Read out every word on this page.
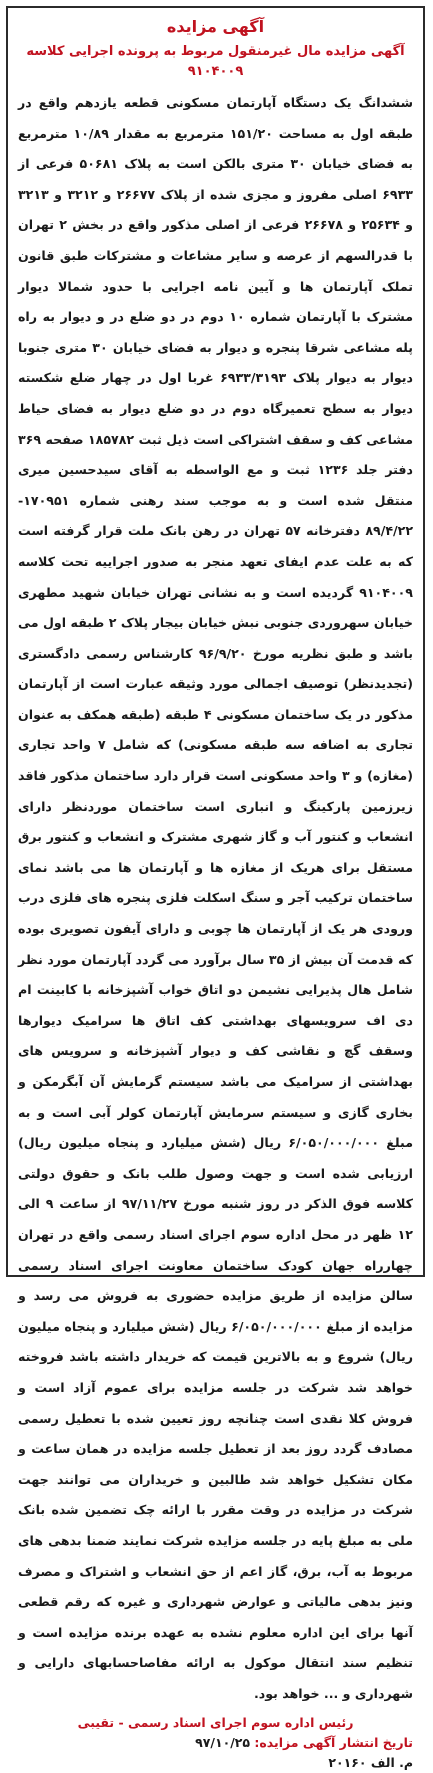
آگهی مزایده
آگهی مزایده مال غیرمنقول مربوط به پرونده اجرایی کلاسه ۹۱۰۴۰۰۹
ششدانگ یک دستگاه آپارتمان مسکونی قطعه یازدهم واقع در طبقه اول به مساحت ۱۵۱/۲۰ مترمربع به مقدار ۱۰/۸۹ مترمربع به فضای خیابان ۳۰ متری بالکن است به پلاک ۵۰۶۸۱ فرعی از ۶۹۳۳ اصلی مفروز و مجزی شده از پلاک ۲۶۶۷۷ و ۳۲۱۲ و ۳۲۱۳ و ۲۵۶۳۴ و ۲۶۶۷۸ فرعی از اصلی مذکور واقع در بخش ۲ تهران با قدرالسهم از عرصه و سایر مشاعات و مشترکات طبق قانون تملک آپارتمان ها و آیین نامه اجرایی با حدود شمالا دیوار مشترک با آپارتمان شماره ۱۰ دوم در دو ضلع در و دیوار به راه پله مشاعی شرقا پنجره و دیوار به فضای خیابان ۳۰ متری جنوبا دیوار به دیوار پلاک ۶۹۳۳/۳۱۹۳ غربا اول در چهار ضلع شکسته دیوار به سطح تعمیرگاه دوم در دو ضلع دیوار به فضای حیاط مشاعی کف و سقف اشتراکی است ذیل ثبت ۱۸۵۷۸۲ صفحه ۳۶۹ دفتر جلد ۱۲۳۶ ثبت و مع الواسطه به آقای سیدحسین میری منتقل شده است و به موجب سند رهنی شماره ۱۷۰۹۵۱- ۸۹/۴/۲۲ دفترخانه ۵۷ تهران در رهن بانک ملت قرار گرفته است که به علت عدم ایفای تعهد منجر به صدور اجراییه تحت کلاسه ۹۱۰۴۰۰۹ گردیده است و به نشانی تهران خیابان شهید مطهری خیابان سهروردی جنوبی نبش خیابان بیجار پلاک ۲ طبقه اول می باشد و طبق نظریه مورخ ۹۶/۹/۲۰ کارشناس رسمی دادگستری (تجدیدنظر) توصیف اجمالی مورد وثیقه عبارت است از آپارتمان مذکور در یک ساختمان مسکونی ۴ طبقه (طبقه همکف به عنوان تجاری به اضافه سه طبقه مسکونی) که شامل ۷ واحد تجاری (مغازه) و ۳ واحد مسکونی است قرار دارد ساختمان مذکور فاقد زیرزمین پارکینگ و انباری است ساختمان موردنظر دارای انشعاب و کنتور آب و گاز شهری مشترک و انشعاب و کنتور برق مستقل برای هریک از مغازه ها و آپارتمان ها می باشد نمای ساختمان ترکیب آجر و سنگ اسکلت فلزی پنجره های فلزی درب ورودی هر یک از آپارتمان ها چوبی و دارای آیفون تصویری بوده که قدمت آن بیش از ۳۵ سال برآورد می گردد آپارتمان مورد نظر شامل هال پذیرایی نشیمن دو اتاق خواب آشپزخانه با کابینت ام دی اف سرویسهای بهداشتی کف اتاق ها سرامیک دیوارها وسقف گچ و نقاشی کف و دیوار آشپزخانه و سرویس های بهداشتی از سرامیک می باشد سیستم گرمایش آن آبگرمکن و بخاری گازی و سیستم سرمایش آپارتمان کولر آبی است و به مبلغ ۶/۰۵۰/۰۰۰/۰۰۰ ریال (شش میلیارد و پنجاه میلیون ریال) ارزیابی شده است و جهت وصول طلب بانک و حقوق دولتی کلاسه فوق الذکر در روز شنبه مورخ ۹۷/۱۱/۲۷ از ساعت ۹ الی ۱۲ ظهر در محل اداره سوم اجرای اسناد رسمی واقع در تهران چهارراه جهان کودک ساختمان معاونت اجرای اسناد رسمی سالن مزایده از طریق مزایده حضوری به فروش می رسد و مزایده از مبلغ ۶/۰۵۰/۰۰۰/۰۰۰ ریال (شش میلیارد و پنجاه میلیون ریال) شروع و به بالاترین قیمت که خریدار داشته باشد فروخته خواهد شد شرکت در جلسه مزایده برای عموم آزاد است و فروش کلا نقدی است چنانچه روز تعیین شده با تعطیل رسمی مصادف گردد روز بعد از تعطیل جلسه مزایده در همان ساعت و مکان تشکیل خواهد شد طالبین و خریداران می توانند جهت شرکت در مزایده در وقت مقرر با ارائه چک تضمین شده بانک ملی به مبلغ پایه در جلسه مزایده شرکت نمایند ضمنا بدهی های مربوط به آب، برق، گاز اعم از حق انشعاب و اشتراک و مصرف ونیز بدهی مالیاتی و عوارض شهرداری و غیره که رقم قطعی آنها برای این اداره معلوم نشده به عهده برنده مزایده است و تنظیم سند انتقال موکول به ارائه مفاصاحسابهای دارایی و شهرداری و ... خواهد بود.
رئیس اداره سوم اجرای اسناد رسمی - تقیبی
تاریخ انتشار آگهی مزایده: ۹۷/۱۰/۲۵
م. الف ۲۰۱۶۰
